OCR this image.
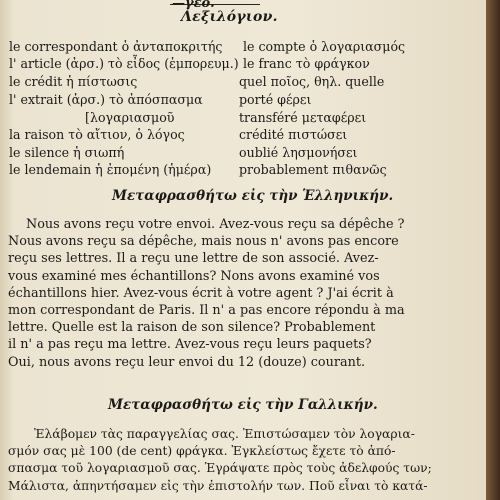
—γεο.
Λεξιλόγιον.
le correspondant ὁ ἀνταποκριτής
l' article (ἀρσ.) τὸ εἶδος (ἐμπορευμ.)
le crédit ἡ πίστωσις
l' extrait (ἀρσ.) τὸ ἀπόσπασμα
[λογαριασμοῦ
la raison τὸ αἴτιον, ὁ λόγος
le silence ἡ σιωπή
le lendemain ἡ ἐπομένη (ἡμέρα)
le compte ὁ λογαριασμός
le franc τὸ φράγκον
quel ποῖος, θηλ. quelle
porté φέρει
transféré μεταφέρει
crédité πιστώσει
oublié λησμονήσει
probablement πιθανῶς
Μεταφρασθήτω εἰς τὴν Ἑλληνικήν.
Nous avons reçu votre envoi. Avez-vous reçu sa dépêche ?
Nous avons reçu sa dépêche, mais nous n' avons pas encore
reçu ses lettres. Il a reçu une lettre de son associé. Avez-
vous examiné mes échantillons? Nons avons examiné vos
échantillons hier. Avez-vous écrit à votre agent ? J'ai écrit à
mon correspondant de Paris. Il n' a pas encore répondu à ma
lettre. Quelle est la raison de son silence? Probablement
il n' a pas reçu ma lettre. Avez-vous reçu leurs paquets?
Oui, nous avons reçu leur envoi du 12 (douze) courant.
Μεταφρασθήτω εἰς τὴν Γαλλικήν.
Ἐλάβομεν τὰς παραγγελίας σας. Ἐπιστώσαμεν τὸν λογαρια-
σμόν σας μὲ 100 (de cent) φράγκα. Ἐγκλείστως ἔχετε τὸ ἀπό-
σπασμα τοῦ λογαριασμοῦ σας. Ἐγράψατε πρὸς τοὺς ἀδελφούς των;
Μάλιστα, ἀπηντήσαμεν εἰς τὴν ἐπιστολήν των. Ποῦ εἶναι τὸ κατά-
